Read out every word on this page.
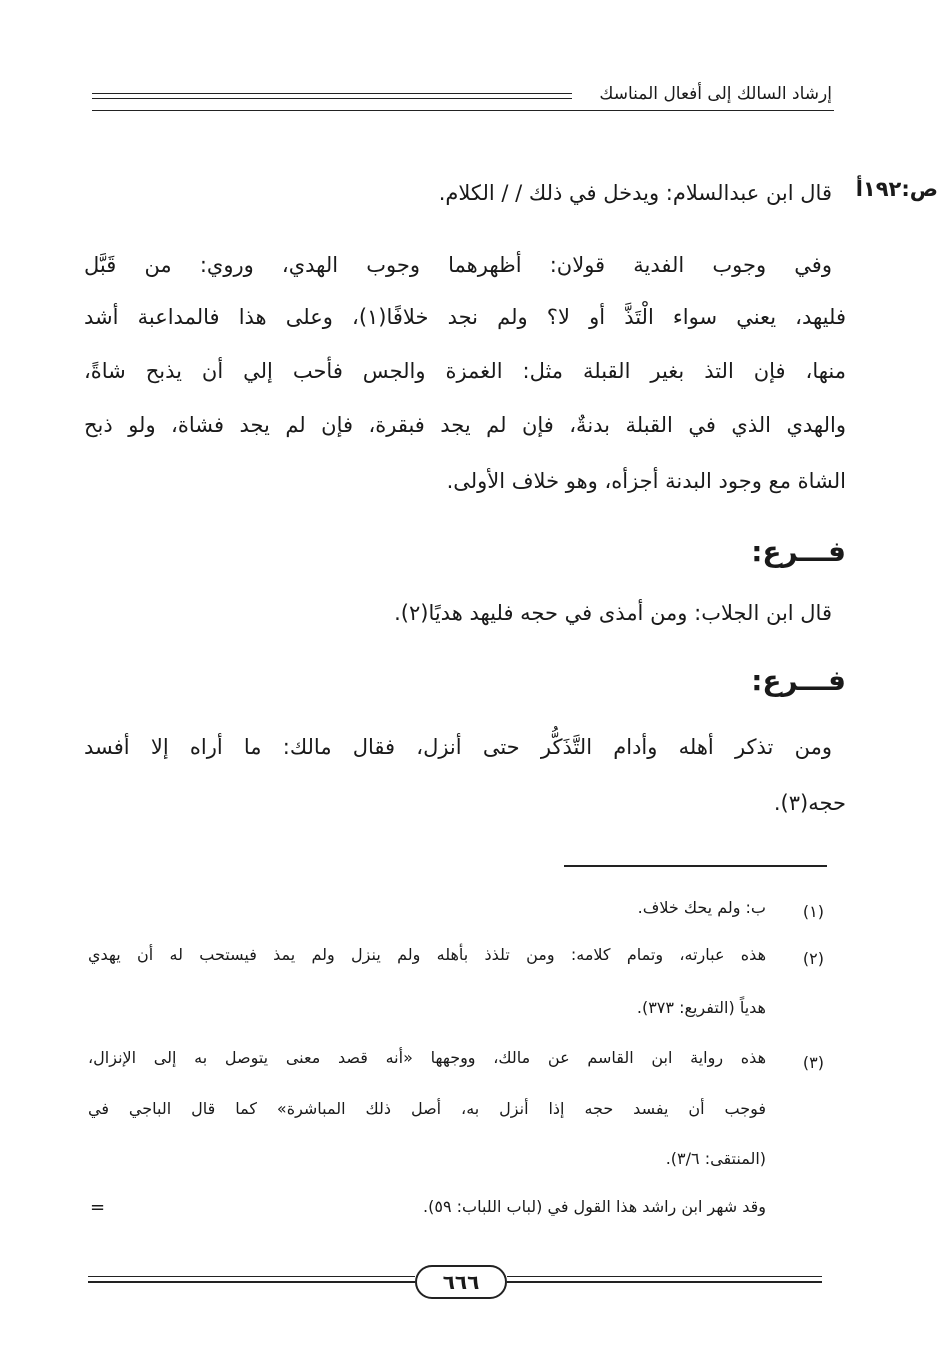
إرشاد السالك إلى أفعال المناسك
ص:١٩٢أ
قال ابن عبدالسلام: ويدخل في ذلك / / الكلام.
وفي وجوب الفدية قولان: أظهرهما وجوب الهدي، وروي: من قَبَّل
فليهد، يعني سواء الْتَذَّ أو لا؟ ولم نجد خلافًا(١)، وعلى هذا فالمداعبة أشد
منها، فإن التذ بغير القبلة مثل: الغمزة والجس فأحب إلي أن يذبح شاةً،
والهدي الذي في القبلة بدنةٌ، فإن لم يجد فبقرة، فإن لم يجد فشاة، ولو ذبح
الشاة مع وجود البدنة أجزأه، وهو خلاف الأولى.
فـــرع:
قال ابن الجلاب: ومن أمذى في حجه فليهد هديًا(٢).
فـــرع:
ومن تذكر أهله وأدام التَّذَكُّر حتى أنزل، فقال مالك: ما أراه إلا أفسد
حجه(٣).
(١)
ب: ولم يحك خلاف.
(٢)
هذه عبارته، وتمام كلامه: ومن تلذذ بأهله ولم ينزل ولم يمذ فيستحب له أن يهدي
هدياً (التفريع: ٣٧٣).
(٣)
هذه رواية ابن القاسم عن مالك، ووجهها «أنه قصد معنى يتوصل به إلى الإنزال،
فوجب أن يفسد حجه إذا أنزل به، أصل ذلك المباشرة» كما قال الباجي في
(المنتقى: ٣/٦).
وقد شهر ابن راشد هذا القول في (لباب اللباب: ٥٩).
=
٦٦٦
